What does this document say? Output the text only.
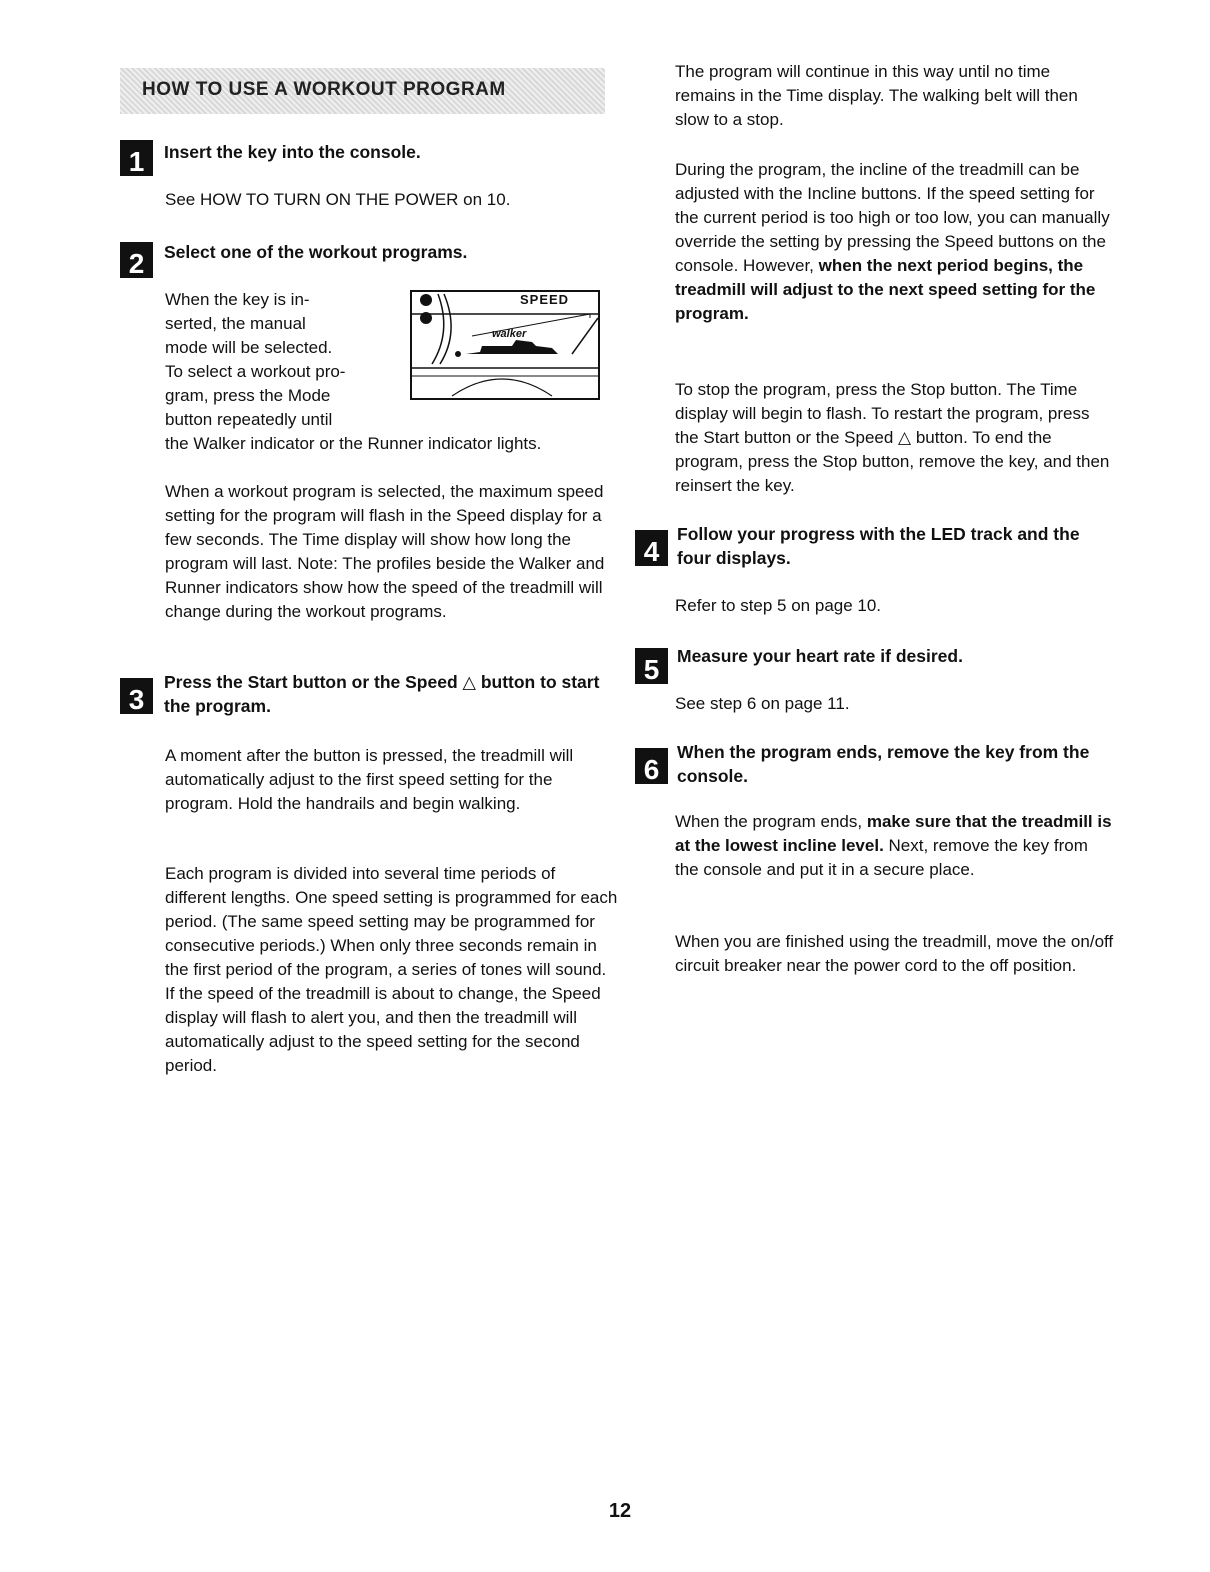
HOW TO USE A WORKOUT PROGRAM
1	Insert the key into the console.

See HOW TO TURN ON THE POWER on 10.

2	Select one of the workout programs.
When the key is in-
serted, the manual
mode will be selected.
To select a workout pro-
gram, press the Mode
button repeatedly until

the Walker indicator or the Runner indicator lights.

SPEED
walker

When a workout program is selected, the maximum speed setting for the program will flash in the Speed display for a few seconds. The Time display will show how long the program will last. Note: The profiles beside the Walker and Runner indicators show how the speed of the treadmill will change during the workout programs.

3
Press the Start button or the Speed △ button to start the program.

A moment after the button is pressed, the treadmill will automatically adjust to the first speed setting for the program. Hold the handrails and begin walking.

Each program is divided into several time periods of different lengths. One speed setting is programmed for each period. (The same speed setting may be programmed for consecutive periods.) When only three seconds remain in the first period of the program, a series of tones will sound. If the speed of the treadmill is about to change, the Speed display will flash to alert you, and then the treadmill will automatically adjust to the speed setting for the second period.

The program will continue in this way until no time remains in the Time display. The walking belt will then slow to a stop.

During the program, the incline of the treadmill can be adjusted with the Incline buttons. If the speed setting for the current period is too high or too low, you can manually override the setting by pressing the Speed buttons on the console. However, when the next period begins, the treadmill will adjust to the next speed setting for the program.

To stop the program, press the Stop button. The Time display will begin to flash. To restart the program, press the Start button or the Speed △ button. To end the program, press the Stop button, remove the key, and then reinsert the key.

4
Follow your progress with the LED track and the four displays.

Refer to step 5 on page 10.

5	Measure your heart rate if desired.

See step 6 on page 11.

6
When the program ends, remove the key from the console.

When the program ends, make sure that the treadmill is at the lowest incline level. Next, remove the key from the console and put it in a secure place.

When you are finished using the treadmill, move the on/off circuit breaker near the power cord to the off position.

12
